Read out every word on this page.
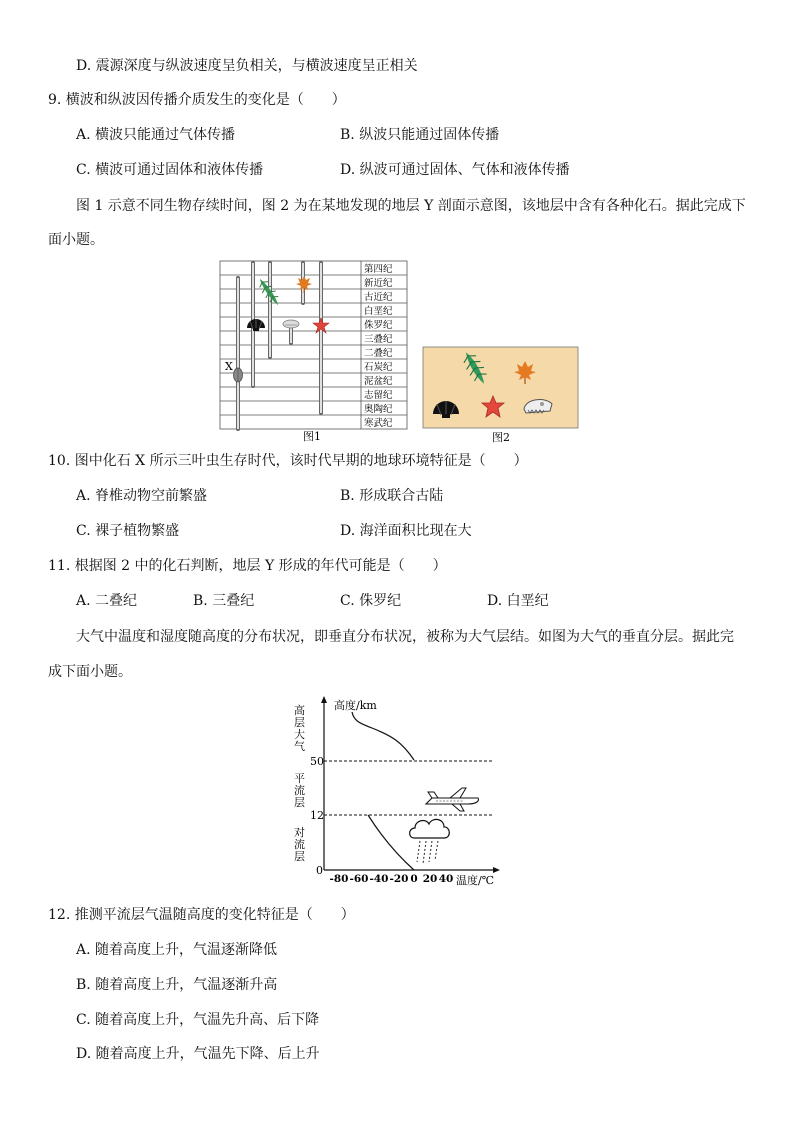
D. 震源深度与纵波速度呈负相关，与横波速度呈正相关
9. 横波和纵波因传播介质发生的变化是（　　）
A. 横波只能通过气体传播	B. 纵波只能通过固体传播
C. 横波可通过固体和液体传播	D. 纵波可通过固体、气体和液体传播
图 1 示意不同生物存续时间，图 2 为在某地发现的地层 Y 剖面示意图，该地层中含有各种化石。据此完成下
面小题。
第四纪
新近纪
古近纪
白垩纪
侏罗纪
三叠纪
二叠纪
石炭纪
泥盆纪
志留纪
奥陶纪
寒武纪
X
图1	图2
10. 图中化石 X 所示三叶虫生存时代，该时代早期的地球环境特征是（　　）
A. 脊椎动物空前繁盛	B. 形成联合古陆
C. 裸子植物繁盛	D. 海洋面积比现在大
11. 根据图 2 中的化石判断，地层 Y 形成的年代可能是（　　）
A. 二叠纪	B. 三叠纪	C. 侏罗纪	D. 白垩纪
大气中温度和湿度随高度的分布状况，即垂直分布状况，被称为大气层结。如图为大气的垂直分层。据此完
成下面小题。
高度/km
温度/℃
高
层
大
气
平
流
层
对
流
层
50
12
0
-80 -60 -40 -20 0 20 40
12. 推测平流层气温随高度的变化特征是（　　）
A. 随着高度上升，气温逐渐降低
B. 随着高度上升，气温逐渐升高
C. 随着高度上升，气温先升高、后下降
D. 随着高度上升，气温先下降、后上升
